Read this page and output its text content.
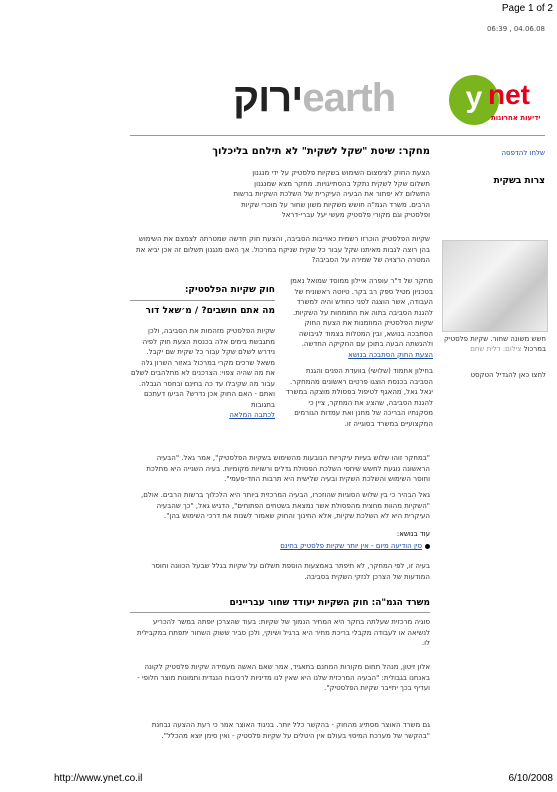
Page 1 of 2
06:39 , 04.06.08
ירוקearth	y net
ידיעות אחרונות
שלחו להדפסה
צרות בשקית
חשש משונה שחור. שקיות פלסטיק במרכול צילום: דלית שחם
לחצו כאן להגדיל הטקסט
מחקר: שיטת "שקל לשקית" לא תילחם בליכלוך
הצעת החוק לצימצום השימוש בשקיות פלסטיק על ידי מנגנון תשלום שקל לשקית נתקל בהסתייגויות. מחקר מצא שמנגנון התשלום לא יפתור את הבעיה העיקרית של השלכת השקיות ברשות הרבים. משרד הגמ"ה חושש משקיות משון שחור על מוכרי שקיות ופלסטיק וגם מקורי פלסטיק מעשי יעל עברי-דראל
שקיות הפלסטיק הוכרזו רשמית כאוייבות הסביבה, והצעת חוק חדשה שמטרתה לצמצם את השימוש בהן רוצה לגבות מאיתנו שקל עבור כל שקית שניקח במרכול. אך האם מנגנון תשלום זה אכן יביא את המטרה הרצויה של שמירה על הסביבה?
מחקר של ד"ר עופרה איילון ממוסד שמואל נאמן בטכניון מטיל ספק רב בקר. טיוטה ראשונית של העבודה, אשר הוצגה לפני כחודש והיה למשרד להגנת הסביבה בתוה את התומחות על השקיות. שקיות הפלסטיק המוזמנות את הצעת החוק הסתבכה בנושא, ובין המטלות בצמוד לגיבושה ולהגשתה הבעה בתוכן עם החקיקה החדשה.
הצעת החוק הסתבכה בנושא
בחילון אחמוד (שלושי) בוועדת הפנים והגנת הסביבה בכנסת הוצגו פרטים ראשונים מהמחקר. יגאל גאל, מהאגף לטיפול בפסולת מוצקה במשרד להגנת הסביבה, שהציג את המחקר, ציין כי מסקנתיו הבריכה של מחנן ואת עמדות הגורמים המקצועיים במשרד בסוגייה זו.
חוק שקיות הפלסטיק:
מה אתם חושבים? / מ׳שאל דור
שקיות הפלסטיק מזהמות את הסביבה, ולכן מתגבשת בימים אלה בכנסת הצעת חוק לפיה נידרש לשלם שקל עבור כל שקית שם יקבל. משאל שרכים מקרי במרכול באזור השרון גלה את מה שהיה צפוי: הצרכנים לא מתלהבים לשלם עבור מה שקיבלו עד כה בחינם ובחסר הגבלה. ואתם - האם החוק אכן נדרש? הביעו דעתכם בתגובות
לכתבה המלאה
"במחקר זוהו שלוש בעיות עיקריות הנובעות מהשימוש בשקיות הפלסטיק", אמר גאל. "הבעיה הראשונה נוגעת לחשש שיחסי השלכת הפסולת גדלים ורשויות מקומיות. בעיה השנייה היא מתלכת וחוסר השימוש והשלכת השקית ובעיה שלישית היא תרבות החד-פעמי".
גאל הבהיר כי בין שלוש הסוגיות שהוזכרו, הבעיה המרכזית ביותר היא הלכלוך ברשות הרבים. אולם, "השקיות מהוות מחצית מהפסולת אשר נמצאת בשטחים הפתוחים", הדגיש גאל, "כך שהבעיה העיקרית היא לא השלכת שקיות, אלא החינוך והחוק שאמור לשנות את דרכי השימוש בהן".
עוד בנושא:
סין הודיעה מיום - אין יותר שקיות פלסטיק בחינם
בעיה זו, לפי המחקר, לא תיפתר באמצעות הוספת תשלום על שקיות בגלל שבעל הכוונה וחוסר המודעות של הצרכן לנזקי השקית בסביבה.
משרד הגמ"ה: חוק השקיות יעודד שחור עבריינים
סוגיה מרכזית שעלתה בחקר היא המחיר הנמוך של שקיות: בעוד שהצרכן יופתה במשר להכריע לנשיאה או לעבודה מקבלי בריכת מחיר היא ברגיל ושיוקי, ולכן סביר ששוק השחור יתפתח במקבילית לו.
אלון זיטון, מנהל תחום מקורות המחנם בתאגיד, אמר שאם האשה מעמידה שקיות פלסטיק לקונה באנחנו בגבולית: "הבעיה המרכזית שלנו היא שאין לנו מדיניות לרכיבוח הנגדית ותמונות מוצר חלופי - ועדיף בכך יתייבר שקיות הפלסטיק".
גם משרד האוצר מסתייג מהחוק - בהקשר כלל יותר. בניגוד האוצר אמר כי רעת ההצעה נבחנת "בהקשר של מערכת המיסוי בעולם אין היטלים על שקיות פלסטיק - ואין סימן יוצא מהכלל".
http://www.ynet.co.il	6/10/2008
